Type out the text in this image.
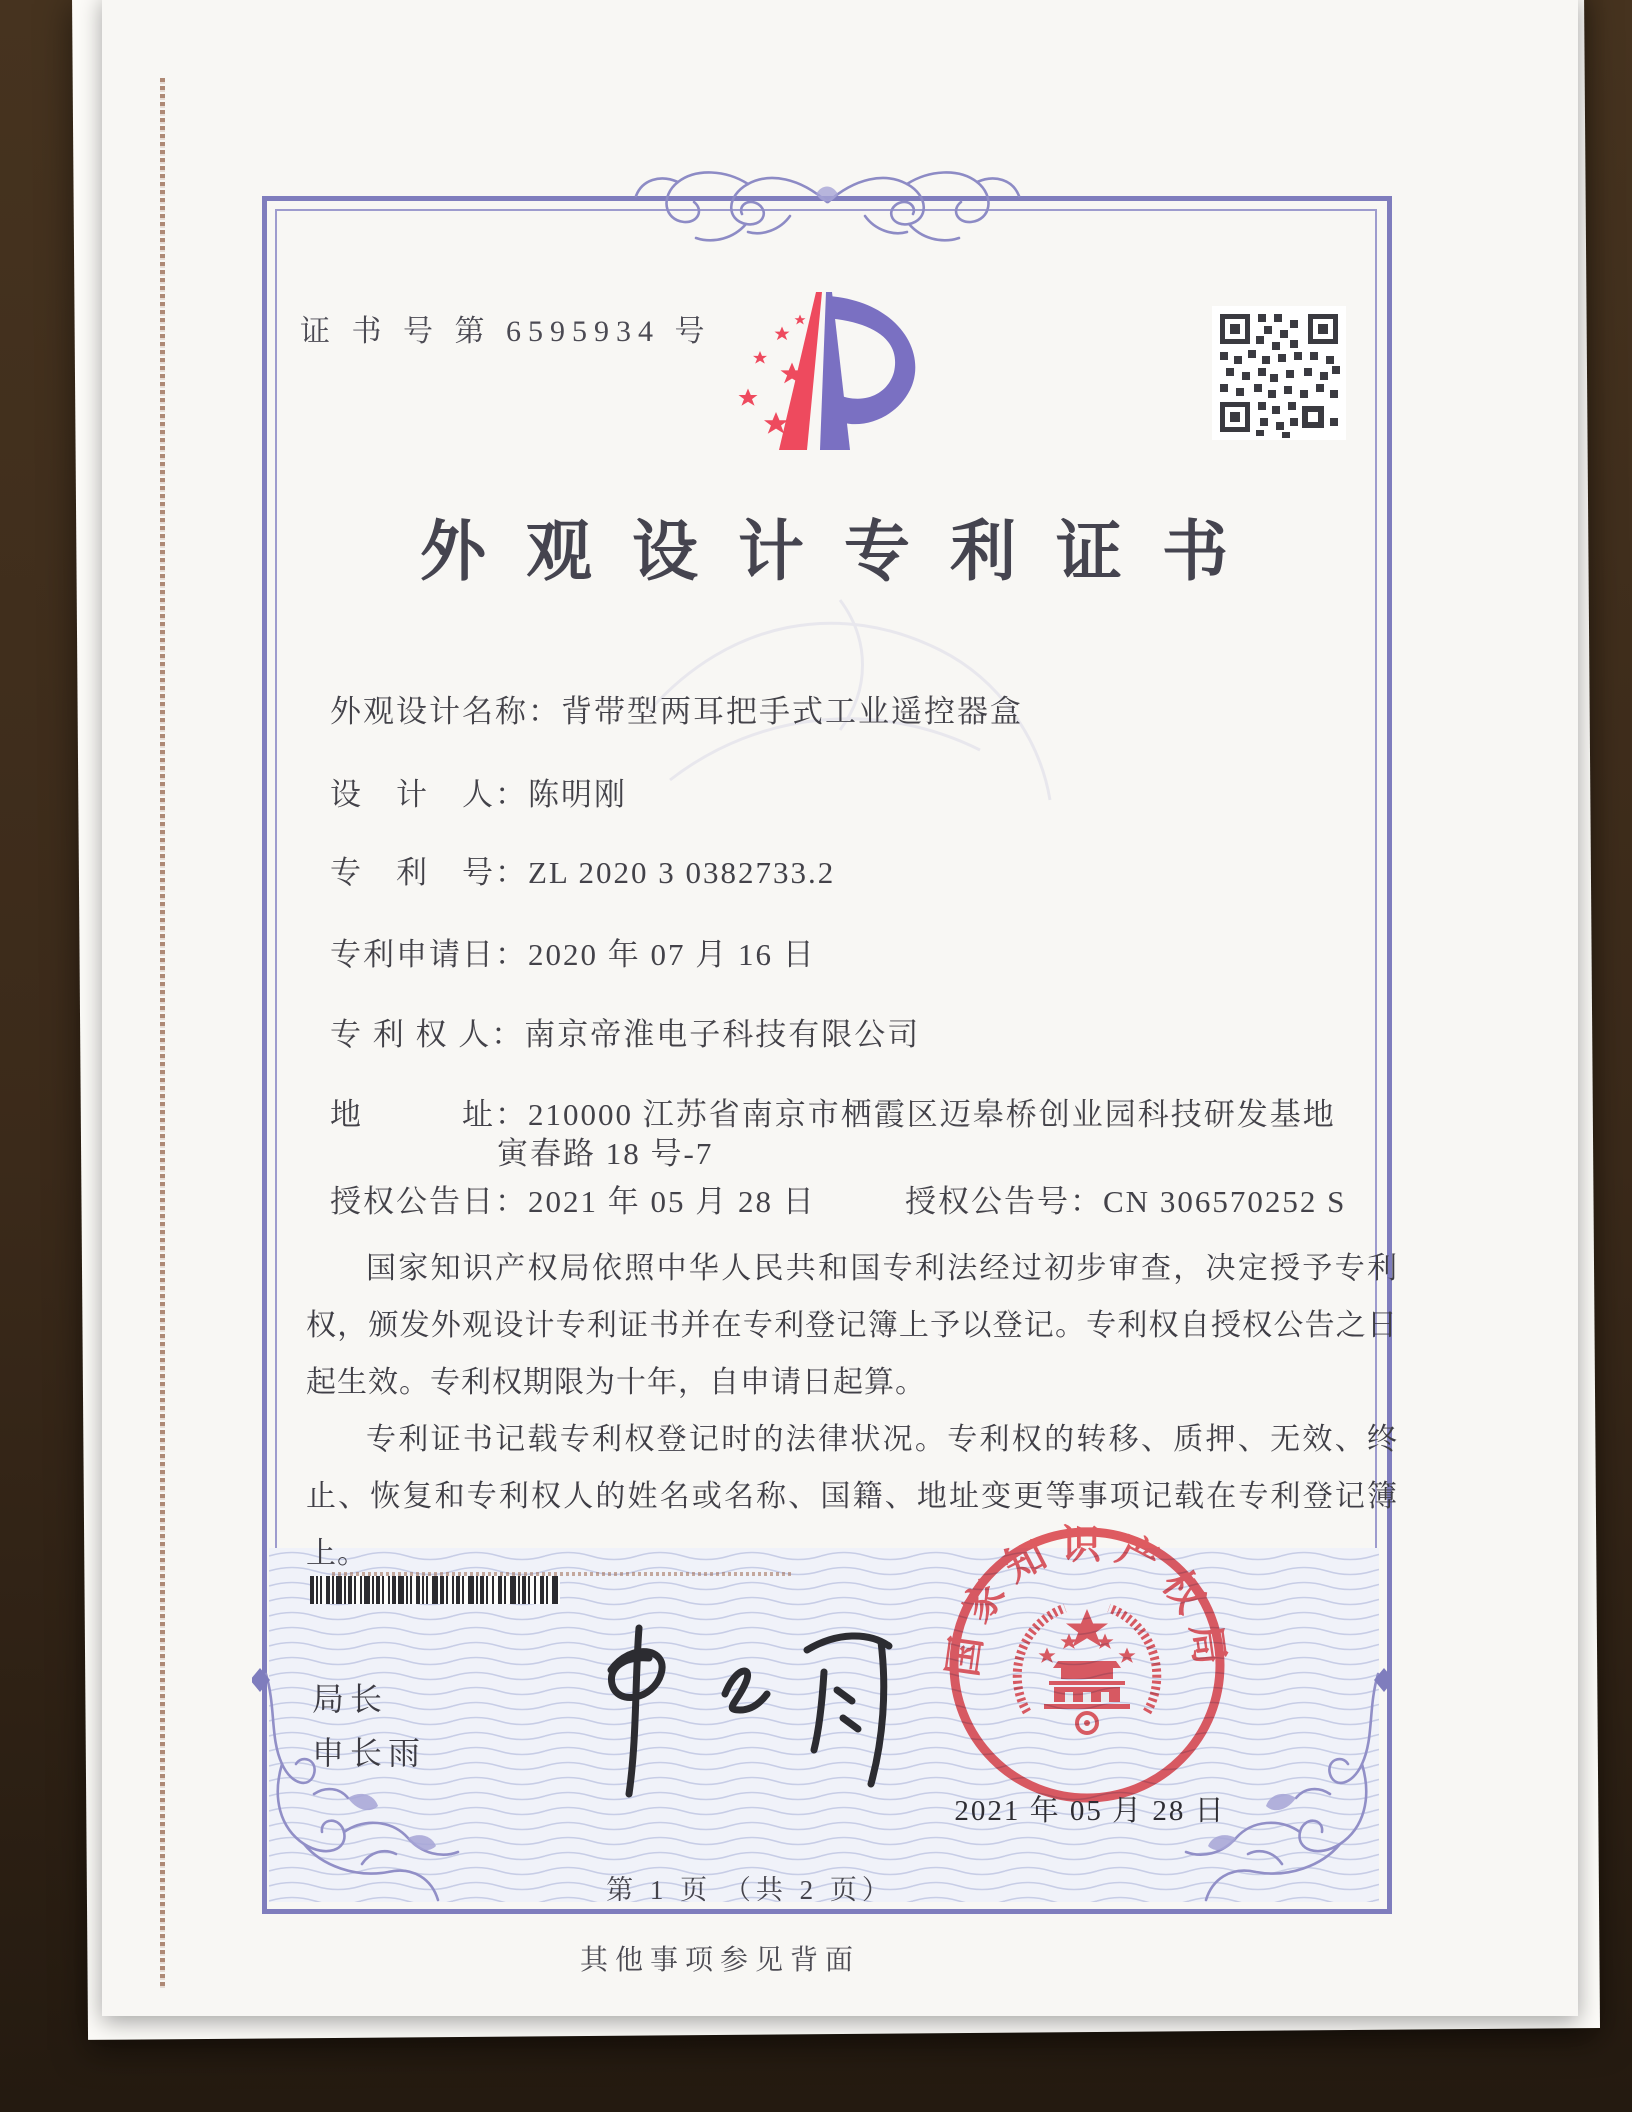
证 书 号 第 6595934 号
外观设计专利证书
外观设计名称：背带型两耳把手式工业遥控器盒
设　计　人：陈明刚
专　利　号：ZL 2020 3 0382733.2
专利申请日：2020 年 07 月 16 日
专 利 权 人：南京帝淮电子科技有限公司
地　　　址：210000 江苏省南京市栖霞区迈皋桥创业园科技研发基地
寅春路 18 号-7
授权公告日：2021 年 05 月 28 日	授权公告号：CN 306570252 S

国家知识产权局依照中华人民共和国专利法经过初步审查，决定授予专利权，颁发外观设计专利证书并在专利登记簿上予以登记。专利权自授权公告之日起生效。专利权期限为十年，自申请日起算。

专利证书记载专利权登记时的法律状况。专利权的转移、质押、无效、终止、恢复和专利权人的姓名或名称、国籍、地址变更等事项记载在专利登记簿上。

局长
申长雨
国家知识产权局
2021 年 05 月 28 日
第 1 页 （共 2 页）
其他事项参见背面
